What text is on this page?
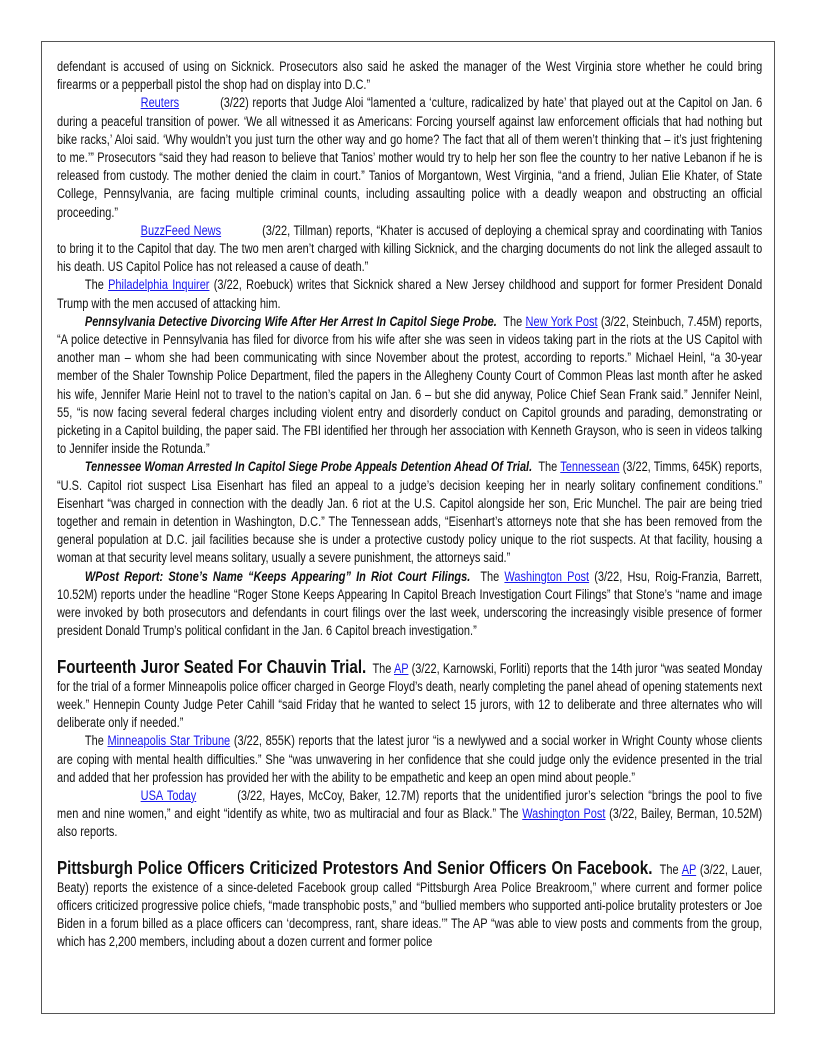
defendant is accused of using on Sicknick. Prosecutors also said he asked the manager of the West Virginia store whether he could bring firearms or a pepperball pistol the shop had on display into D.C.”

Reuters	(3/22) reports that Judge Aloi “lamented a ‘culture, radicalized by hate’ that played out at the Capitol on Jan. 6 during a peaceful transition of power. ‘We all witnessed it as Americans: Forcing yourself against law enforcement officials that had nothing but bike racks,’ Aloi said. ‘Why wouldn’t you just turn the other way and go home? The fact that all of them weren’t thinking that – it’s just frightening to me.’” Prosecutors “said they had reason to believe that Tanios’ mother would try to help her son flee the country to her native Lebanon if he is released from custody. The mother denied the claim in court.” Tanios of Morgantown, West Virginia, “and a friend, Julian Elie Khater, of State College, Pennsylvania, are facing multiple criminal counts, including assaulting police with a deadly weapon and obstructing an official proceeding.”

BuzzFeed News	(3/22, Tillman) reports, “Khater is accused of deploying a chemical spray and coordinating with Tanios to bring it to the Capitol that day. The two men aren’t charged with killing Sicknick, and the charging documents do not link the alleged assault to his death. US Capitol Police has not released a cause of death.”

The Philadelphia Inquirer (3/22, Roebuck) writes that Sicknick shared a New Jersey childhood and support for former President Donald Trump with the men accused of attacking him.

Pennsylvania Detective Divorcing Wife After Her Arrest In Capitol Siege Probe.  The New York Post (3/22, Steinbuch, 7.45M) reports, “A police detective in Pennsylvania has filed for divorce from his wife after she was seen in videos taking part in the riots at the US Capitol with another man – whom she had been communicating with since November about the protest, according to reports.” Michael Heinl, “a 30-year member of the Shaler Township Police Department, filed the papers in the Allegheny County Court of Common Pleas last month after he asked his wife, Jennifer Marie Heinl not to travel to the nation’s capital on Jan. 6 – but she did anyway, Police Chief Sean Frank said.” Jennifer Neinl, 55, “is now facing several federal charges including violent entry and disorderly conduct on Capitol grounds and parading, demonstrating or picketing in a Capitol building, the paper said. The FBI identified her through her association with Kenneth Grayson, who is seen in videos talking to Jennifer inside the Rotunda.”

Tennessee Woman Arrested In Capitol Siege Probe Appeals Detention Ahead Of Trial.  The Tennessean (3/22, Timms, 645K) reports, “U.S. Capitol riot suspect Lisa Eisenhart has filed an appeal to a judge’s decision keeping her in nearly solitary confinement conditions.” Eisenhart “was charged in connection with the deadly Jan. 6 riot at the U.S. Capitol alongside her son, Eric Munchel. The pair are being tried together and remain in detention in Washington, D.C.” The Tennessean adds, “Eisenhart’s attorneys note that she has been removed from the general population at D.C. jail facilities because she is under a protective custody policy unique to the riot suspects. At that facility, housing a woman at that security level means solitary, usually a severe punishment, the attorneys said.”

WPost Report: Stone’s Name “Keeps Appearing” In Riot Court Filings.  The Washington Post (3/22, Hsu, Roig-Franzia, Barrett, 10.52M) reports under the headline “Roger Stone Keeps Appearing In Capitol Breach Investigation Court Filings” that Stone’s “name and image were invoked by both prosecutors and defendants in court filings over the last week, underscoring the increasingly visible presence of former president Donald Trump’s political confidant in the Jan. 6 Capitol breach investigation.”

Fourteenth Juror Seated For Chauvin Trial.  The AP (3/22, Karnowski, Forliti) reports that the 14th juror “was seated Monday for the trial of a former Minneapolis police officer charged in George Floyd’s death, nearly completing the panel ahead of opening statements next week.” Hennepin County Judge Peter Cahill “said Friday that he wanted to select 15 jurors, with 12 to deliberate and three alternates who will deliberate only if needed.”

The Minneapolis Star Tribune (3/22, 855K) reports that the latest juror “is a newlywed and a social worker in Wright County whose clients are coping with mental health difficulties.” She “was unwavering in her confidence that she could judge only the evidence presented in the trial and added that her profession has provided her with the ability to be empathetic and keep an open mind about people.”

USA Today	(3/22, Hayes, McCoy, Baker, 12.7M) reports that the unidentified juror’s selection “brings the pool to five men and nine women,” and eight “identify as white, two as multiracial and four as Black.” The Washington Post (3/22, Bailey, Berman, 10.52M) also reports.

Pittsburgh Police Officers Criticized Protestors And Senior Officers On Facebook.  The AP (3/22, Lauer, Beaty) reports the existence of a since-deleted Facebook group called “Pittsburgh Area Police Breakroom,” where current and former police officers criticized progressive police chiefs, “made transphobic posts,” and “bullied members who supported anti-police brutality protesters or Joe Biden in a forum billed as a place officers can ‘decompress, rant, share ideas.’” The AP “was able to view posts and comments from the group, which has 2,200 members, including about a dozen current and former police
